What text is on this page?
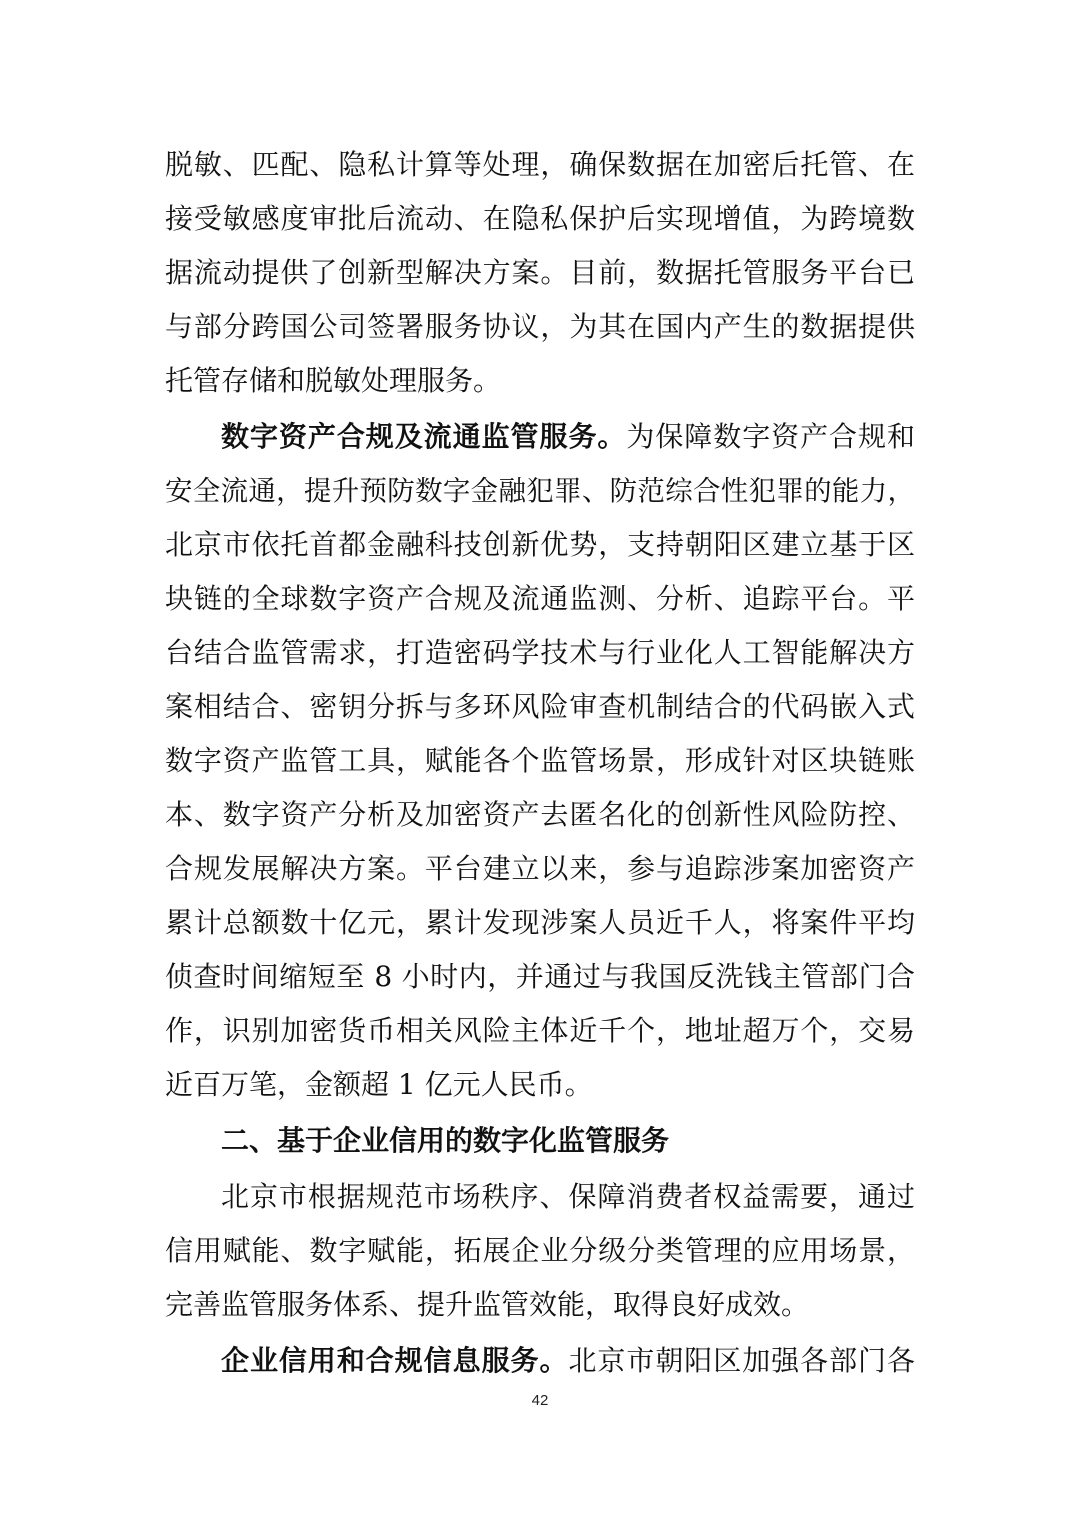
脱敏、匹配、隐私计算等处理，确保数据在加密后托管、在
接受敏感度审批后流动、在隐私保护后实现增值，为跨境数
据流动提供了创新型解决方案。目前，数据托管服务平台已
与部分跨国公司签署服务协议，为其在国内产生的数据提供
托管存储和脱敏处理服务。
数字资产合规及流通监管服务。为保障数字资产合规和
安全流通，提升预防数字金融犯罪、防范综合性犯罪的能力，
北京市依托首都金融科技创新优势，支持朝阳区建立基于区
块链的全球数字资产合规及流通监测、分析、追踪平台。平
台结合监管需求，打造密码学技术与行业化人工智能解决方
案相结合、密钥分拆与多环风险审查机制结合的代码嵌入式
数字资产监管工具，赋能各个监管场景，形成针对区块链账
本、数字资产分析及加密资产去匿名化的创新性风险防控、
合规发展解决方案。平台建立以来，参与追踪涉案加密资产
累计总额数十亿元，累计发现涉案人员近千人，将案件平均
侦查时间缩短至 8 小时内，并通过与我国反洗钱主管部门合
作，识别加密货币相关风险主体近千个，地址超万个，交易
近百万笔，金额超 1 亿元人民币。
二、基于企业信用的数字化监管服务
北京市根据规范市场秩序、保障消费者权益需要，通过
信用赋能、数字赋能，拓展企业分级分类管理的应用场景，
完善监管服务体系、提升监管效能，取得良好成效。
企业信用和合规信息服务。北京市朝阳区加强各部门各
42
